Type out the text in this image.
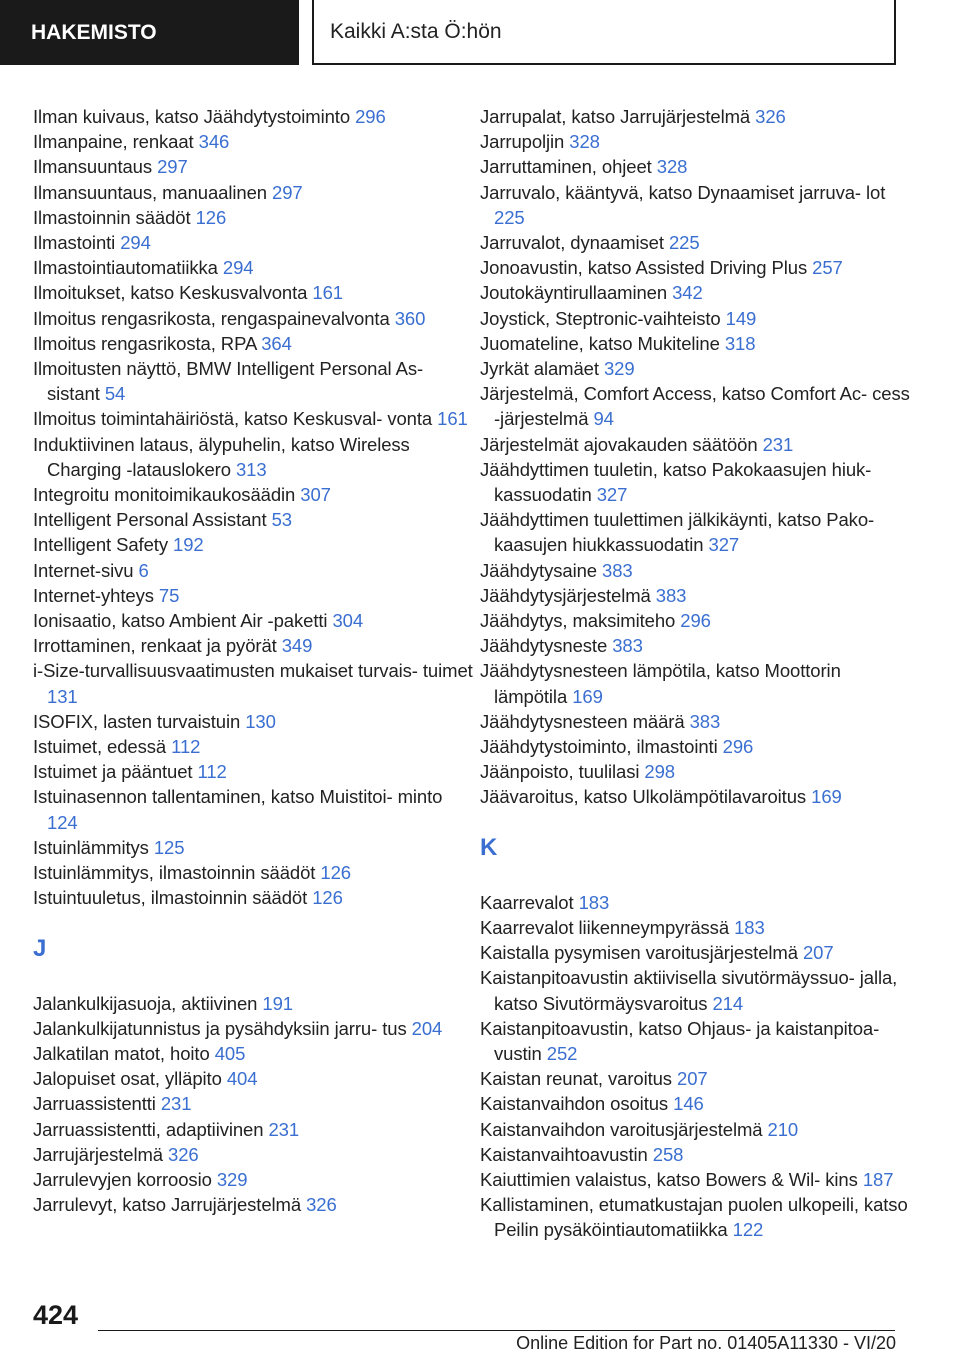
HAKEMISTO	Kaikki A:sta Ö:hön
Ilman kuivaus, katso Jäähdytystoiminto 296
Ilmanpaine, renkaat 346
Ilmansuuntaus 297
Ilmansuuntaus, manuaalinen 297
Ilmastoinnin säädöt 126
Ilmastointi 294
Ilmastointiautomatiikka 294
Ilmoitukset, katso Keskusvalvonta 161
Ilmoitus rengasrikosta, rengaspainevalvonta 360
Ilmoitus rengasrikosta, RPA 364
Ilmoitusten näyttö, BMW Intelligent Personal As‐ sistant 54
Ilmoitus toimintahäiriöstä, katso Keskusval‐ vonta 161
Induktiivinen lataus, älypuhelin, katso Wireless Charging -latauslokero 313
Integroitu monitoimikaukosäädin 307
Intelligent Personal Assistant 53
Intelligent Safety 192
Internet-sivu 6
Internet-yhteys 75
Ionisaatio, katso Ambient Air -paketti 304
Irrottaminen, renkaat ja pyörät 349
i-Size-turvallisuusvaatimusten mukaiset turvais‐ tuimet 131
ISOFIX, lasten turvaistuin 130
Istuimet, edessä 112
Istuimet ja pääntuet 112
Istuinasennon tallentaminen, katso Muistitoi‐ minto 124
Istuinlämmitys 125
Istuinlämmitys, ilmastoinnin säädöt 126
Istuintuuletus, ilmastoinnin säädöt 126
J
Jalankulkijasuoja, aktiivinen 191
Jalankulkijatunnistus ja pysähdyksiin jarru‐ tus 204
Jalkatilan matot, hoito 405
Jalopuiset osat, ylläpito 404
Jarruassistentti 231
Jarruassistentti, adaptiivinen 231
Jarrujärjestelmä 326
Jarrulevyjen korroosio 329
Jarrulevyt, katso Jarrujärjestelmä 326
Jarrupalat, katso Jarrujärjestelmä 326
Jarrupoljin 328
Jarruttaminen, ohjeet 328
Jarruvalo, kääntyvä, katso Dynaamiset jarruva‐ lot 225
Jarruvalot, dynaamiset 225
Jonoavustin, katso Assisted Driving Plus 257
Joutokäyntirullaaminen 342
Joystick, Steptronic-vaihteisto 149
Juomateline, katso Mukiteline 318
Jyrkät alamäet 329
Järjestelmä, Comfort Access, katso Comfort Ac‐ cess -järjestelmä 94
Järjestelmät ajovakauden säätöön 231
Jäähdyttimen tuuletin, katso Pakokaasujen hiuk‐ kassuodatin 327
Jäähdyttimen tuulettimen jälkikäynti, katso Pako‐ kaasujen hiukkassuodatin 327
Jäähdytysaine 383
Jäähdytysjärjestelmä 383
Jäähdytys, maksimiteho 296
Jäähdytysneste 383
Jäähdytysnesteen lämpötila, katso Moottorin lämpötila 169
Jäähdytysnesteen määrä 383
Jäähdytystoiminto, ilmastointi 296
Jäänpoisto, tuulilasi 298
Jäävaroitus, katso Ulkolämpötilavaroitus 169
K
Kaarrevalot 183
Kaarrevalot liikenneympyrässä 183
Kaistalla pysymisen varoitusjärjestelmä 207
Kaistanpitoavustin aktiivisella sivutörmäyssuo‐ jalla, katso Sivutörmäysvaroitus 214
Kaistanpitoavustin, katso Ohjaus- ja kaistanpitoa‐ vustin 252
Kaistan reunat, varoitus 207
Kaistanvaihdon osoitus 146
Kaistanvaihdon varoitusjärjestelmä 210
Kaistanvaihtoavustin 258
Kaiuttimien valaistus, katso Bowers & Wil‐ kins 187
Kallistaminen, etumatkustajan puolen ulkopeili, katso Peilin pysäköintiautomatiikka 122
424
Online Edition for Part no. 01405A11330 - VI/20
